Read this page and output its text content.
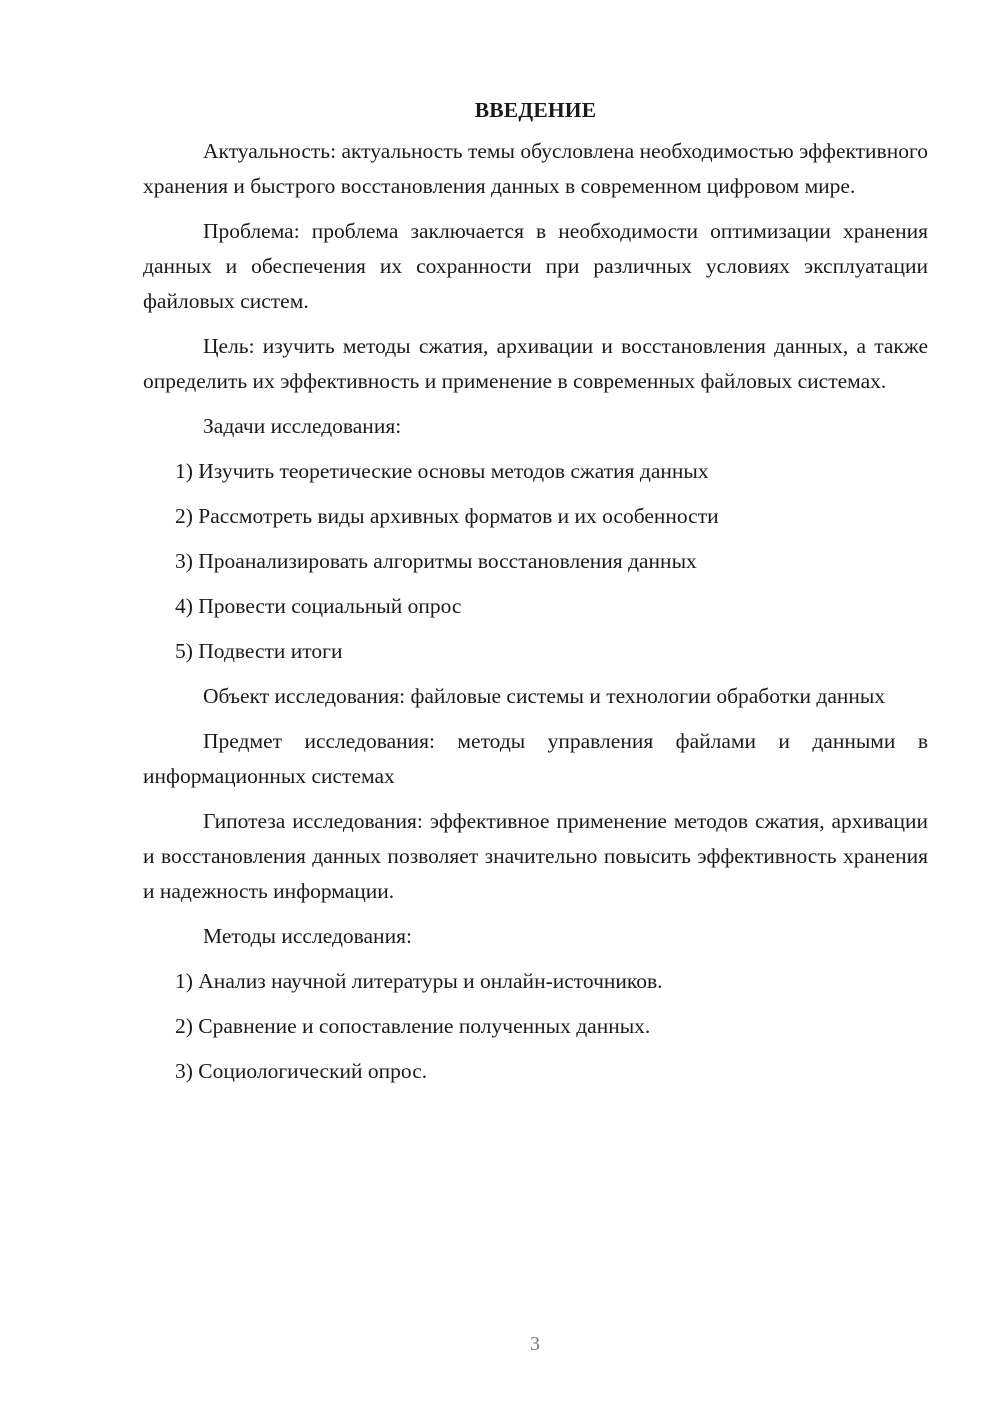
ВВЕДЕНИЕ

Актуальность: актуальность темы обусловлена необходимостью эффективного хранения и быстрого восстановления данных в современном цифровом мире.

Проблема: проблема заключается в необходимости оптимизации хранения данных и обеспечения их сохранности при различных условиях эксплуатации файловых систем.

Цель: изучить методы сжатия, архивации и восстановления данных, а также определить их эффективность и применение в современных файловых системах.

Задачи исследования:

1) Изучить теоретические основы методов сжатия данных

2) Рассмотреть виды архивных форматов и их особенности

3) Проанализировать алгоритмы восстановления данных

4) Провести социальный опрос

5) Подвести итоги

Объект исследования: файловые системы и технологии обработки данных

Предмет исследования: методы управления файлами и данными в информационных системах

Гипотеза исследования: эффективное применение методов сжатия, архивации и восстановления данных позволяет значительно повысить эффективность хранения и надежность информации.

Методы исследования:

1) Анализ научной литературы и онлайн-источников.

2) Сравнение и сопоставление полученных данных.

3) Социологический опрос.

3
